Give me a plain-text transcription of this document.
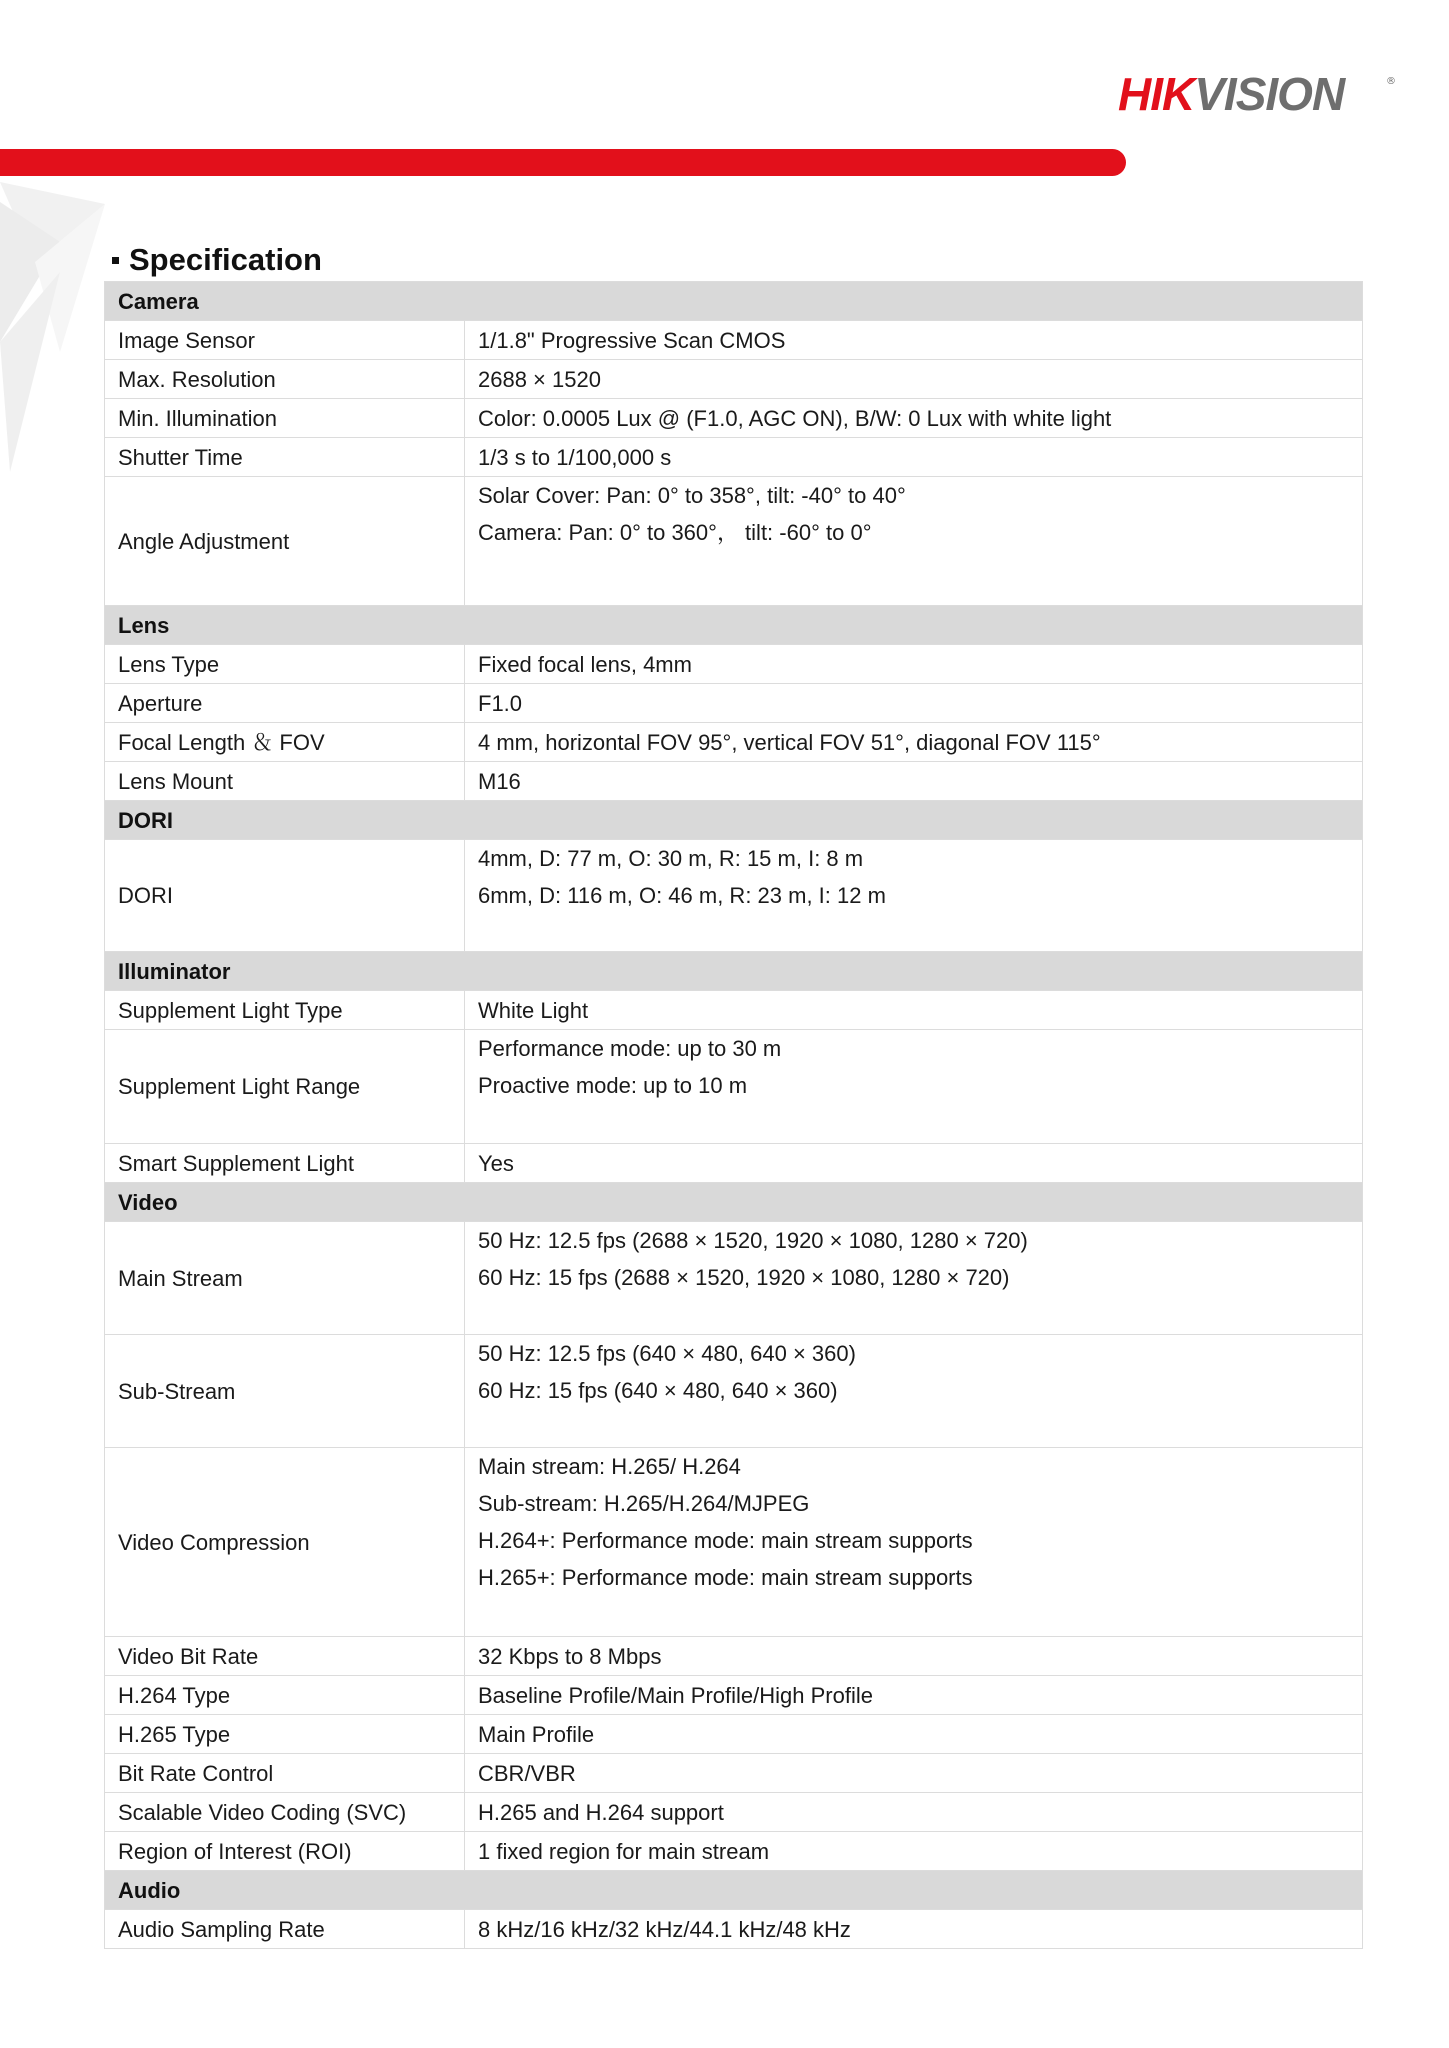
HIKVISION	®
Specification
Camera	
Image Sensor	1/1.8" Progressive Scan CMOS
Max. Resolution	2688 × 1520
Min. Illumination	Color: 0.0005 Lux @ (F1.0, AGC ON), B/W: 0 Lux with white light
Shutter Time	1/3 s to 1/100,000 s
Angle Adjustment	Solar Cover: Pan: 0° to 358°, tilt: -40° to 40°
Camera: Pan: 0° to 360°， tilt: -60° to 0°

Lens	
Lens Type	Fixed focal lens, 4mm
Aperture	F1.0
Focal Length ＆ FOV	4 mm, horizontal FOV 95°, vertical FOV 51°, diagonal FOV 115°
Lens Mount	M16
DORI	
DORI	4mm, D: 77 m, O: 30 m, R: 15 m, I: 8 m
6mm, D: 116 m, O: 46 m, R: 23 m, I: 12 m

Illuminator	
Supplement Light Type	White Light
Supplement Light Range	Performance mode: up to 30 m
Proactive mode: up to 10 m

Smart Supplement Light	Yes
Video	
Main Stream	50 Hz: 12.5 fps (2688 × 1520, 1920 × 1080, 1280 × 720)
60 Hz: 15 fps (2688 × 1520, 1920 × 1080, 1280 × 720)

Sub-Stream	50 Hz: 12.5 fps (640 × 480, 640 × 360)
60 Hz: 15 fps (640 × 480, 640 × 360)

Video Compression	Main stream: H.265/ H.264
Sub-stream: H.265/H.264/MJPEG
H.264+: Performance mode: main stream supports
H.265+: Performance mode: main stream supports

Video Bit Rate	32 Kbps to 8 Mbps
H.264 Type	Baseline Profile/Main Profile/High Profile
H.265 Type	Main Profile
Bit Rate Control	CBR/VBR
Scalable Video Coding (SVC)	H.265 and H.264 support
Region of Interest (ROI)	1 fixed region for main stream
Audio	
Audio Sampling Rate	8 kHz/16 kHz/32 kHz/44.1 kHz/48 kHz
